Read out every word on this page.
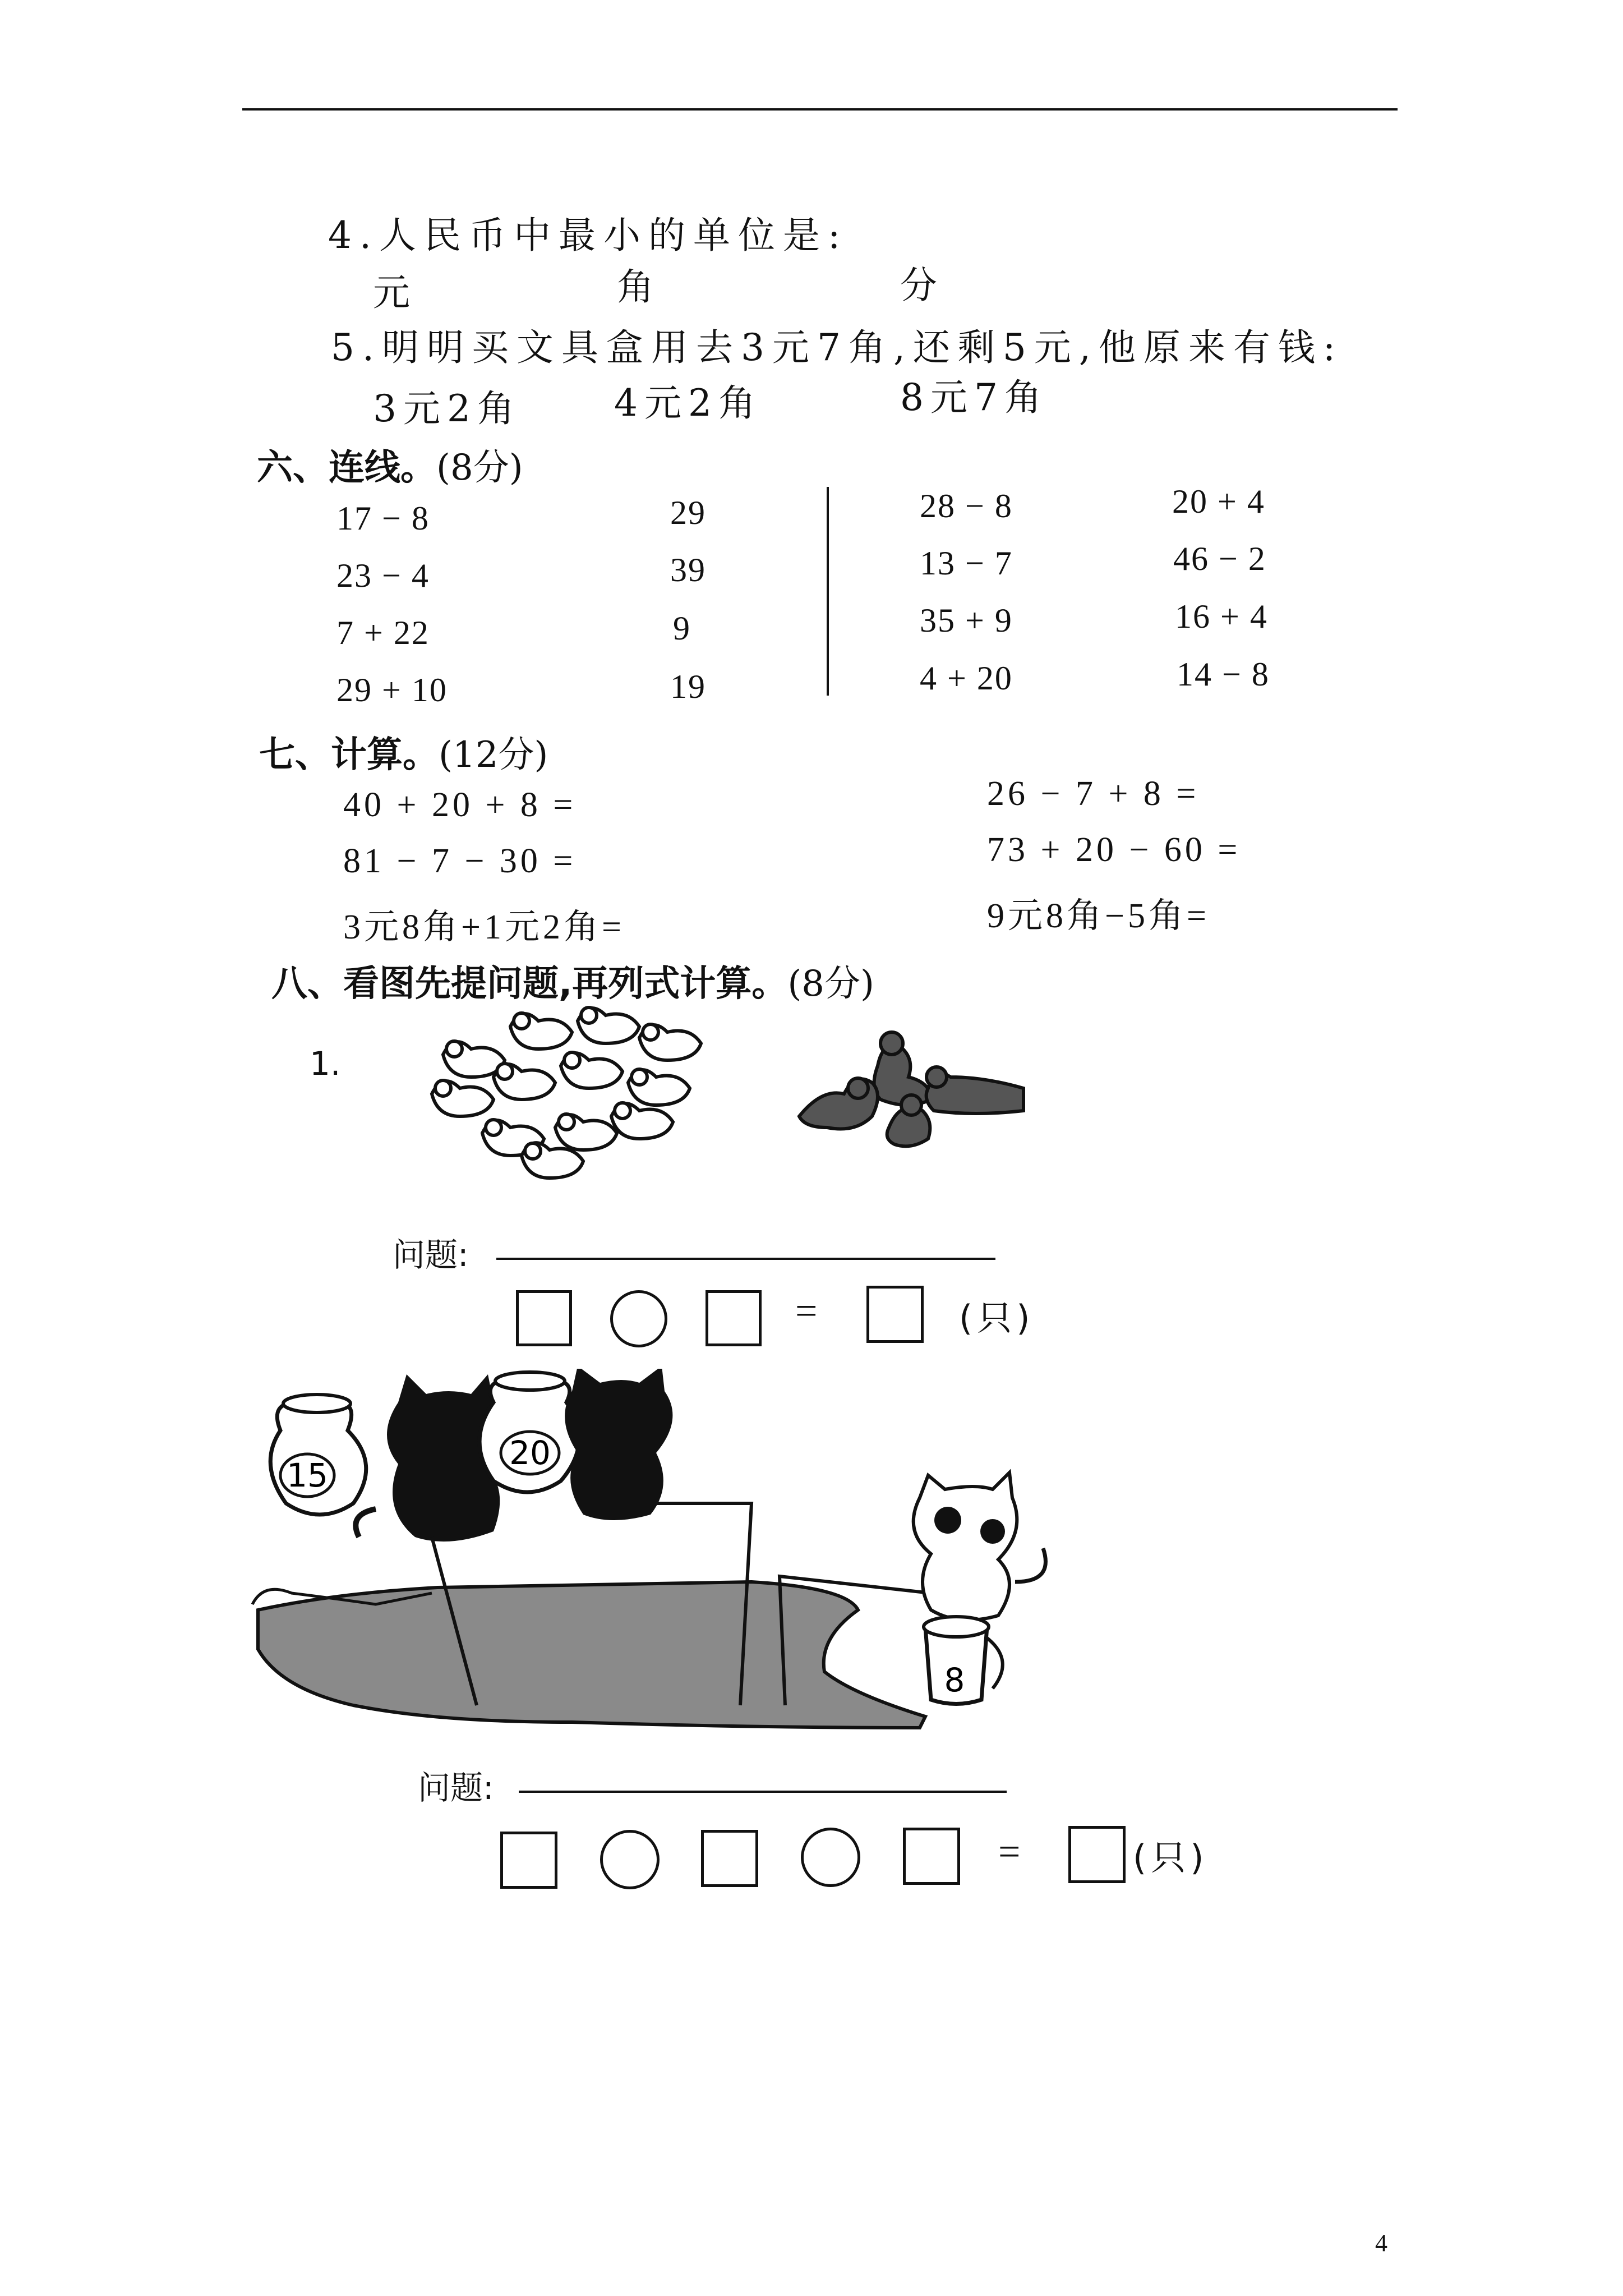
4.人民币中最小的单位是:
元	角	分
5.明明买文具盒用去3元7角,还剩5元,他原来有钱:
3元2角	4元2角	8元7角
六、连线。(8分)
17 − 8
23 − 4
7 + 22
29 + 10
29
39
9
19
28 − 8
13 − 7
35 + 9
4 + 20
20 + 4
46 − 2
16 + 4
14 − 8
七、计算。(12分)
40 + 20 + 8 =
81 − 7 − 30 =
3元8角+1元2角=
26 − 7 + 8 =
73 + 20 − 60 =
9元8角−5角=
八、看图先提问题,再列式计算。(8分)
1.
问题:
=	(只)
15
20
8
问题:
=	(只)
4
